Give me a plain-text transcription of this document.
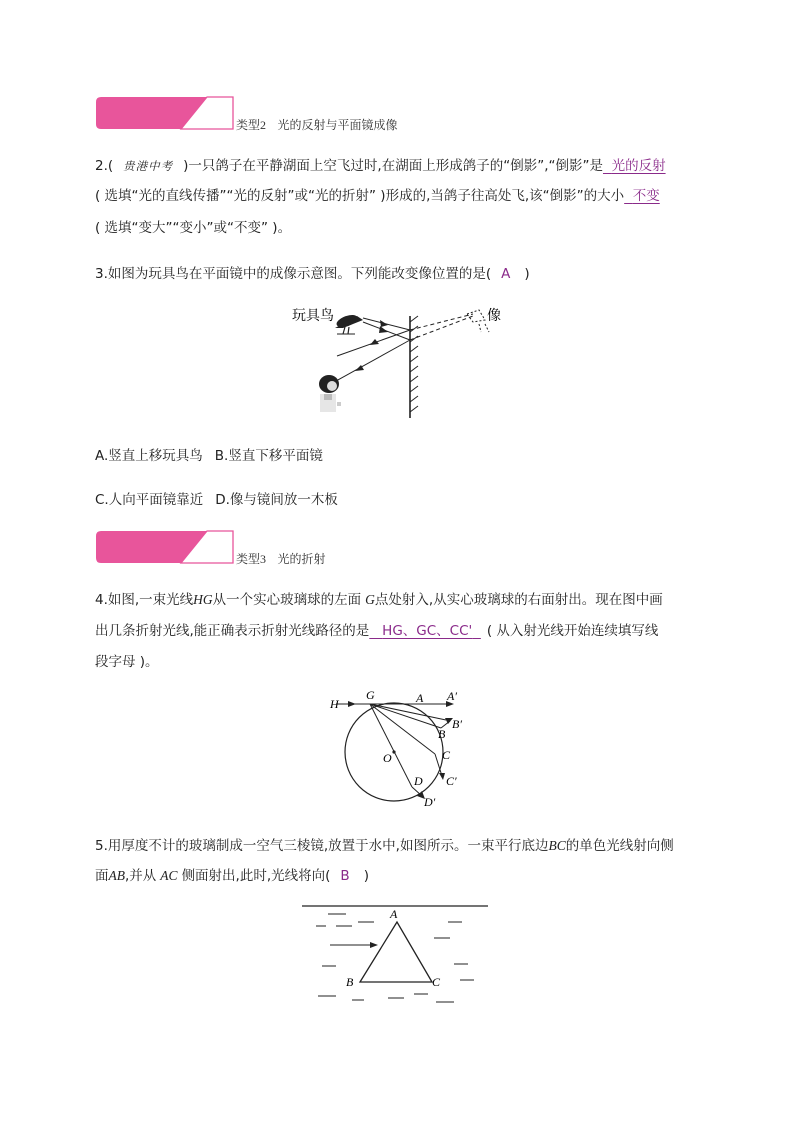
类型2 光的反射与平面镜成像
2.( 贵港中考 )一只鸽子在平静湖面上空飞过时,在湖面上形成鸽子的“倒影”,“倒影”是 光的反射
( 选填“光的直线传播”“光的反射”或“光的折射” )形成的,当鸽子往高处飞,该“倒影”的大小 不变
( 选填“变大”“变小”或“不变” )。
3.如图为玩具鸟在平面镜中的成像示意图。下列能改变像位置的是( A )
玩具鸟	像
A.竖直上移玩具鸟 B.竖直下移平面镜
C.人向平面镜靠近 D.像与镜间放一木板
类型3 光的折射
4.如图,一束光线HG从一个实心玻璃球的左面 G点处射入,从实心玻璃球的右面射出。现在图中画
出几条折射光线,能正确表示折射光线路径的是 HG、GC、CC' ( 从入射光线开始连续填写线
段字母 )。
H
G	A A′
B′
B
C
C′
O
D
D′
5.用厚度不计的玻璃制成一空气三棱镜,放置于水中,如图所示。一束平行底边BC的单色光线射向侧
面AB,并从 AC 侧面射出,此时,光线将向( B )
A
B	C
